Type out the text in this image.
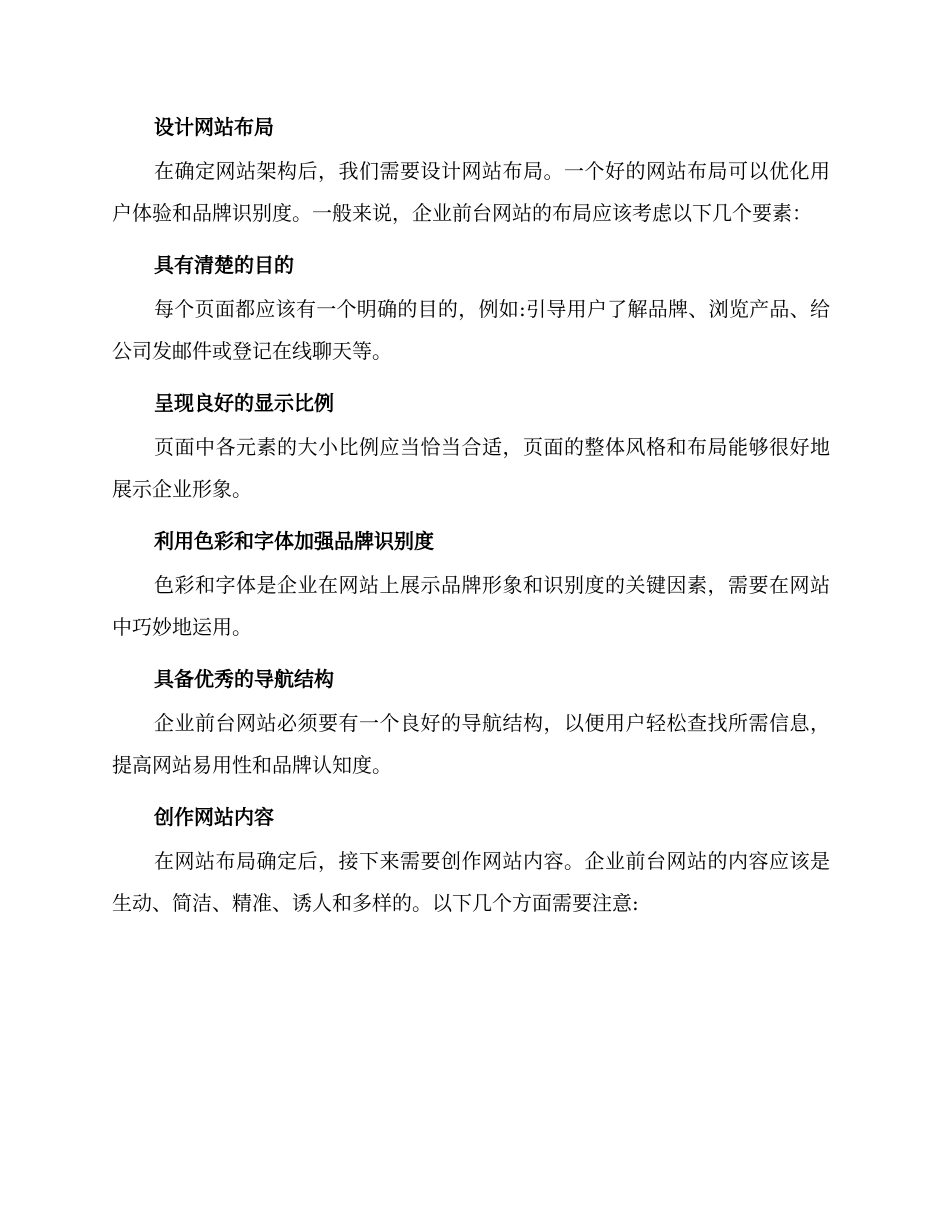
设计网站布局

在确定网站架构后，我们需要设计网站布局。一个好的网站布局可以优化用户体验和品牌识别度。一般来说，企业前台网站的布局应该考虑以下几个要素：

具有清楚的目的

每个页面都应该有一个明确的目的，例如:引导用户了解品牌、浏览产品、给公司发邮件或登记在线聊天等。

呈现良好的显示比例

页面中各元素的大小比例应当恰当合适，页面的整体风格和布局能够很好地展示企业形象。

利用色彩和字体加强品牌识别度

色彩和字体是企业在网站上展示品牌形象和识别度的关键因素，需要在网站中巧妙地运用。

具备优秀的导航结构

企业前台网站必须要有一个良好的导航结构，以便用户轻松查找所需信息，提高网站易用性和品牌认知度。

创作网站内容

在网站布局确定后，接下来需要创作网站内容。企业前台网站的内容应该是生动、简洁、精准、诱人和多样的。以下几个方面需要注意:
